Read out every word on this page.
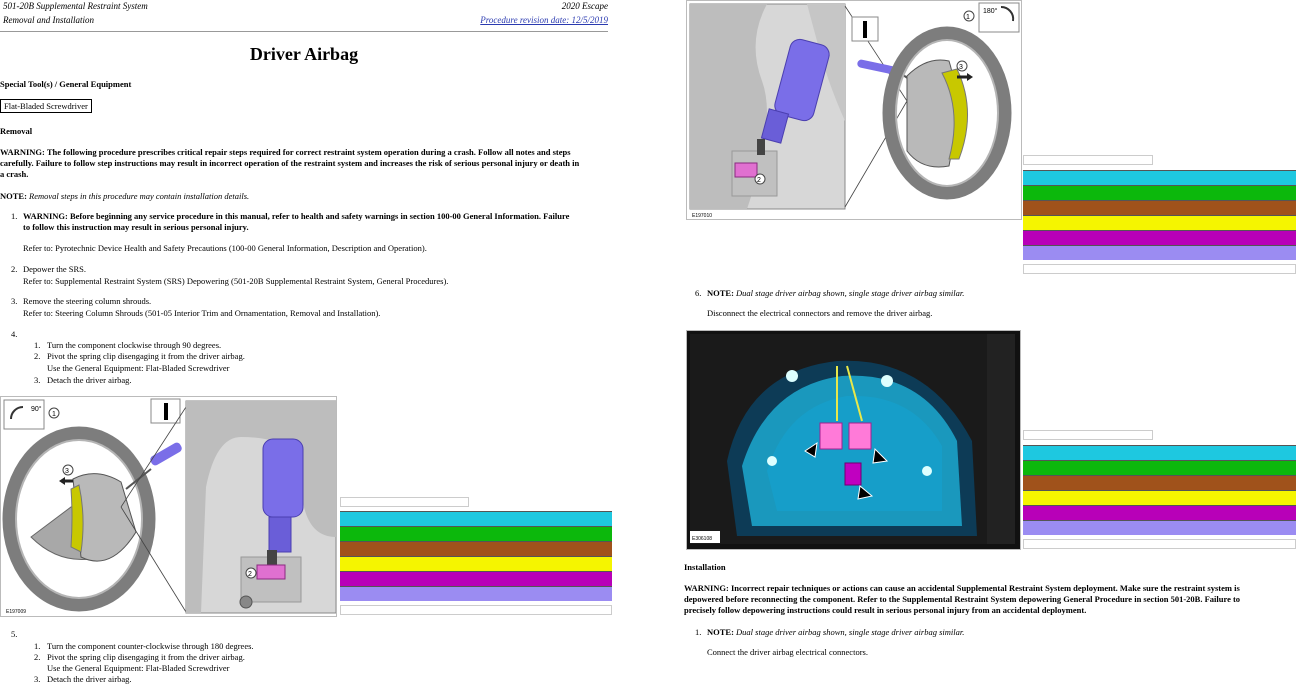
501-20B Supplemental Restraint System
Removal and Installation
2020 Escape
Procedure revision date: 12/5/2019
Driver Airbag
Special Tool(s) / General Equipment
Flat-Bladed Screwdriver
Removal
WARNING: The following procedure prescribes critical repair steps required for correct restraint system operation during a crash. Follow all notes and steps
carefully. Failure to follow step instructions may result in incorrect operation of the restraint system and increases the risk of serious personal injury or death in
a crash.
NOTE: Removal steps in this procedure may contain installation details.
1. WARNING: Before beginning any service procedure in this manual, refer to health and safety warnings in section 100-00 General Information. Failure
to follow this instruction may result in serious personal injury.
Refer to: Pyrotechnic Device Health and Safety Precautions (100-00 General Information, Description and Operation).
2. Depower the SRS.
Refer to: Supplemental Restraint System (SRS) Depowering (501-20B Supplemental Restraint System, General Procedures).
3. Remove the steering column shrouds.
Refer to: Steering Column Shrouds (501-05 Interior Trim and Ornamentation, Removal and Installation).
4.
1. Turn the component clockwise through 90 degrees.
2. Pivot the spring clip disengaging it from the driver airbag.
Use the General Equipment: Flat-Bladed Screwdriver
3. Detach the driver airbag.
90°
1
3
2
E197009
5.
1. Turn the component counter-clockwise through 180 degrees.
2. Pivot the spring clip disengaging it from the driver airbag.
Use the General Equipment: Flat-Bladed Screwdriver
3. Detach the driver airbag.
2
3
1
180°
E197010
6. NOTE: Dual stage driver airbag shown, single stage driver airbag similar.
Disconnect the electrical connectors and remove the driver airbag.
E306108
Installation
WARNING: Incorrect repair techniques or actions can cause an accidental Supplemental Restraint System deployment. Make sure the restraint system is
depowered before reconnecting the component. Refer to the Supplemental Restraint System depowering General Procedure in section 501-20B. Failure to
precisely follow depowering instructions could result in serious personal injury from an accidental deployment.
1. NOTE: Dual stage driver airbag shown, single stage driver airbag similar.
Connect the driver airbag electrical connectors.
